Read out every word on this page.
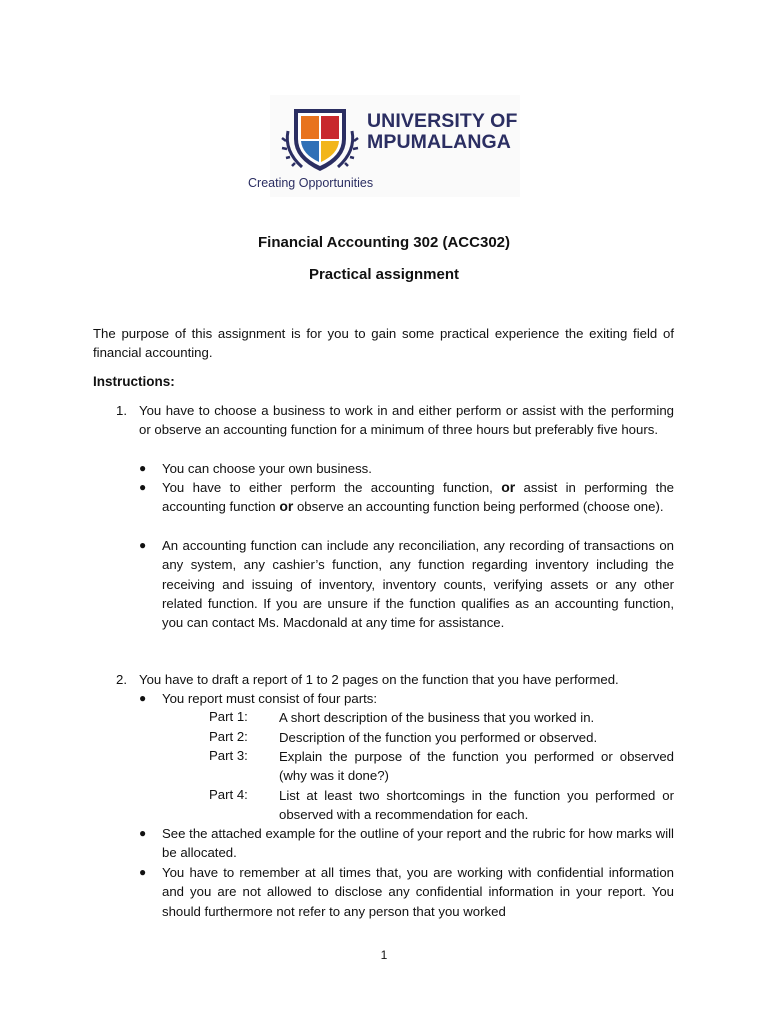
UNIVERSITY OF
MPUMALANGA
Creating Opportunities
Financial Accounting 302 (ACC302)
Practical assignment
The purpose of this assignment is for you to gain some practical experience the exiting field of financial accounting.
Instructions:
1. You have to choose a business to work in and either perform or assist with the performing or observe an accounting function for a minimum of three hours but preferably five hours.
● You can choose your own business.
● You have to either perform the accounting function, or assist in performing the accounting function or observe an accounting function being performed (choose one).
● An accounting function can include any reconciliation, any recording of transactions on any system, any cashier’s function, any function regarding inventory including the receiving and issuing of inventory, inventory counts, verifying assets or any other related function. If you are unsure if the function qualifies as an accounting function, you can contact Ms. Macdonald at any time for assistance.
2. You have to draft a report of 1 to 2 pages on the function that you have performed.
● You report must consist of four parts:
Part 1: A short description of the business that you worked in.
Part 2: Description of the function you performed or observed.
Part 3: Explain the purpose of the function you performed or observed (why was it done?)
Part 4: List at least two shortcomings in the function you performed or observed with a recommendation for each.
● See the attached example for the outline of your report and the rubric for how marks will be allocated.
● You have to remember at all times that, you are working with confidential information and you are not allowed to disclose any confidential information in your report. You should furthermore not refer to any person that you worked
1
